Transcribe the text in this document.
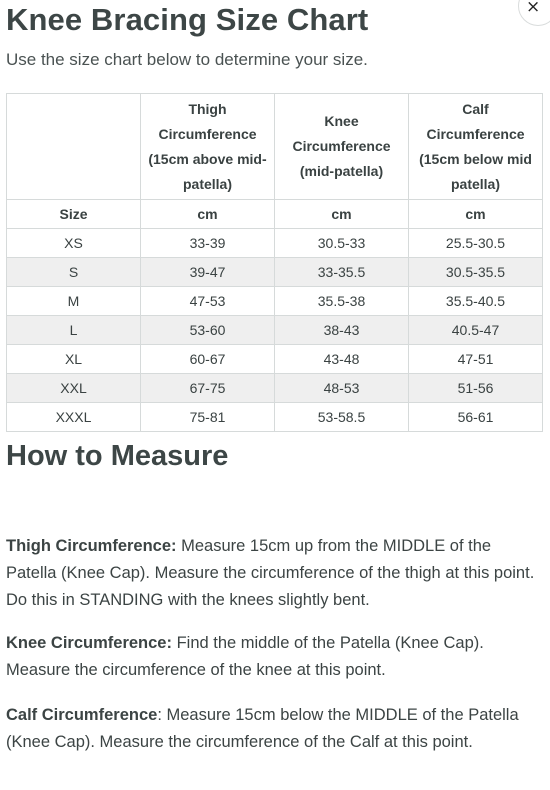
Knee Bracing Size Chart	×

Use the size chart below to determine your size.

	Thigh Circumference (15cm above mid-patella)	Knee Circumference (mid-patella)	Calf Circumference (15cm below mid patella)
Size	cm	cm	cm
XS	33-39	30.5-33	25.5-30.5
S	39-47	33-35.5	30.5-35.5
M	47-53	35.5-38	35.5-40.5
L	53-60	38-43	40.5-47
XL	60-67	43-48	47-51
XXL	67-75	48-53	51-56
XXXL	75-81	53-58.5	56-61
How to Measure

Thigh Circumference: Measure 15cm up from the MIDDLE of the Patella (Knee Cap). Measure the circumference of the thigh at this point. Do this in STANDING with the knees slightly bent.

Knee Circumference: Find the middle of the Patella (Knee Cap). Measure the circumference of the knee at this point.

Calf Circumference: Measure 15cm below the MIDDLE of the Patella (Knee Cap). Measure the circumference of the Calf at this point.
